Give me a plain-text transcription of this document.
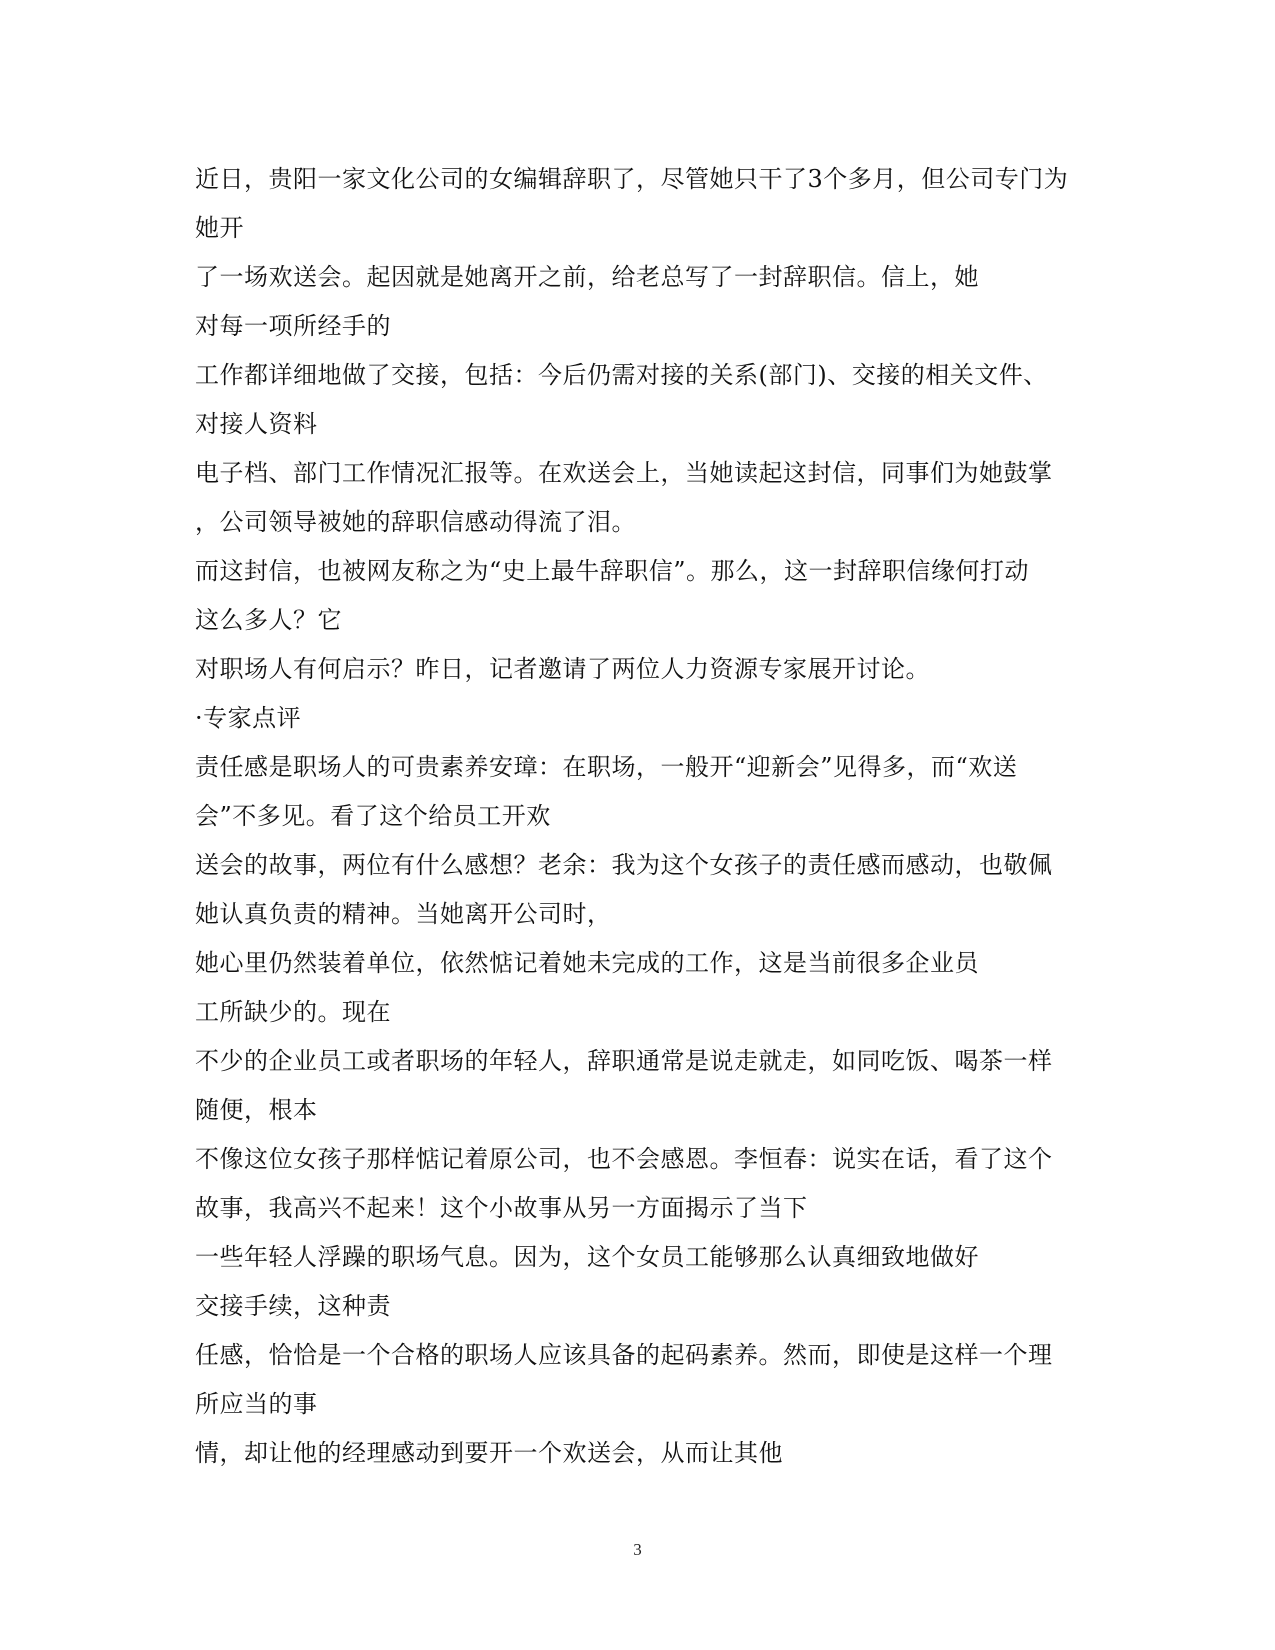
近日，贵阳一家文化公司的女编辑辞职了，尽管她只干了3个多月，但公司专门为
她开
了一场欢送会。起因就是她离开之前，给老总写了一封辞职信。信上，她
对每一项所经手的
工作都详细地做了交接，包括：今后仍需对接的关系(部门)、交接的相关文件、
对接人资料
电子档、部门工作情况汇报等。在欢送会上，当她读起这封信，同事们为她鼓掌
，公司领导被她的辞职信感动得流了泪。
而这封信，也被网友称之为“史上最牛辞职信”。那么，这一封辞职信缘何打动
这么多人？它
对职场人有何启示？昨日，记者邀请了两位人力资源专家展开讨论。
·专家点评
责任感是职场人的可贵素养安璋：在职场，一般开“迎新会”见得多，而“欢送
会”不多见。看了这个给员工开欢
送会的故事，两位有什么感想？老余：我为这个女孩子的责任感而感动，也敬佩
她认真负责的精神。当她离开公司时，
她心里仍然装着单位，依然惦记着她未完成的工作，这是当前很多企业员
工所缺少的。现在
不少的企业员工或者职场的年轻人，辞职通常是说走就走，如同吃饭、喝茶一样
随便，根本
不像这位女孩子那样惦记着原公司，也不会感恩。李恒春：说实在话，看了这个
故事，我高兴不起来！这个小故事从另一方面揭示了当下
一些年轻人浮躁的职场气息。因为，这个女员工能够那么认真细致地做好
交接手续，这种责
任感，恰恰是一个合格的职场人应该具备的起码素养。然而，即使是这样一个理
所应当的事
情，却让他的经理感动到要开一个欢送会，从而让其他
3
